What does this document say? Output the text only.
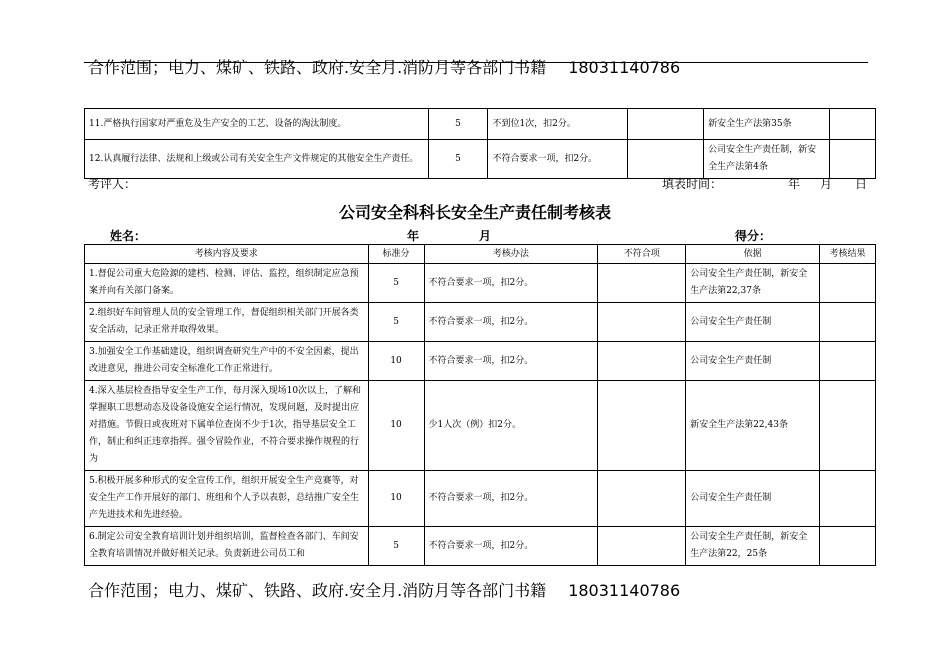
合作范围；电力、煤矿、铁路、政府.安全月.消防月等各部门书籍 18031140786
11.严格执行国家对严重危及生产安全的工艺、设备的淘汰制度。	5	不到位1次，扣2分。		新安全生产法第35条	
12.认真履行法律、法规和上级或公司有关安全生产文件规定的其他安全生产责任。	5	不符合要求一项，扣2分。		公司安全生产责任制，新安全生产法第4条	
考评人：	填表时间：	年 月 日
公司安全科科长安全生产责任制考核表
姓名：	年	月	得分：
考核内容及要求	标准分	考核办法	不符合项	依据	考核结果
1.督促公司重大危险源的建档、检测、评估、监控，组织制定应急预案并向有关部门备案。	5	不符合要求一项，扣2分。		公司安全生产责任制，新安全生产法第22,37条	
2.组织好车间管理人员的安全管理工作，督促组织相关部门开展各类安全活动，记录正常并取得效果。	5	不符合要求一项，扣2分。		公司安全生产责任制	
3.加强安全工作基础建设，组织调查研究生产中的不安全因素，提出改进意见，推进公司安全标准化工作正常进行。	10	不符合要求一项，扣2分。		公司安全生产责任制	
4.深入基层检查指导安全生产工作，每月深入现场10次以上，了解和掌握职工思想动态及设备设施安全运行情况，发现问题，及时提出应对措施。节假日或夜班对下属单位查岗不少于1次，指导基层安全工作，制止和纠正违章指挥。强令冒险作业，不符合要求操作规程的行为	10	少1人次（例）扣2分。		新安全生产法第22,43条	
5.积极开展多种形式的安全宣传工作，组织开展安全生产竞赛等，对安全生产工作开展好的部门、班组和个人予以表彰，总结推广安全生产先进技术和先进经验。	10	不符合要求一项，扣2分。		公司安全生产责任制	
6.制定公司安全教育培训计划并组织培训，监督检查各部门、车间安全教育培训情况并做好相关记录。负责新进公司员工和	5	不符合要求一项，扣2分。		公司安全生产责任制，新安全生产法第22，25条	
合作范围；电力、煤矿、铁路、政府.安全月.消防月等各部门书籍 18031140786
